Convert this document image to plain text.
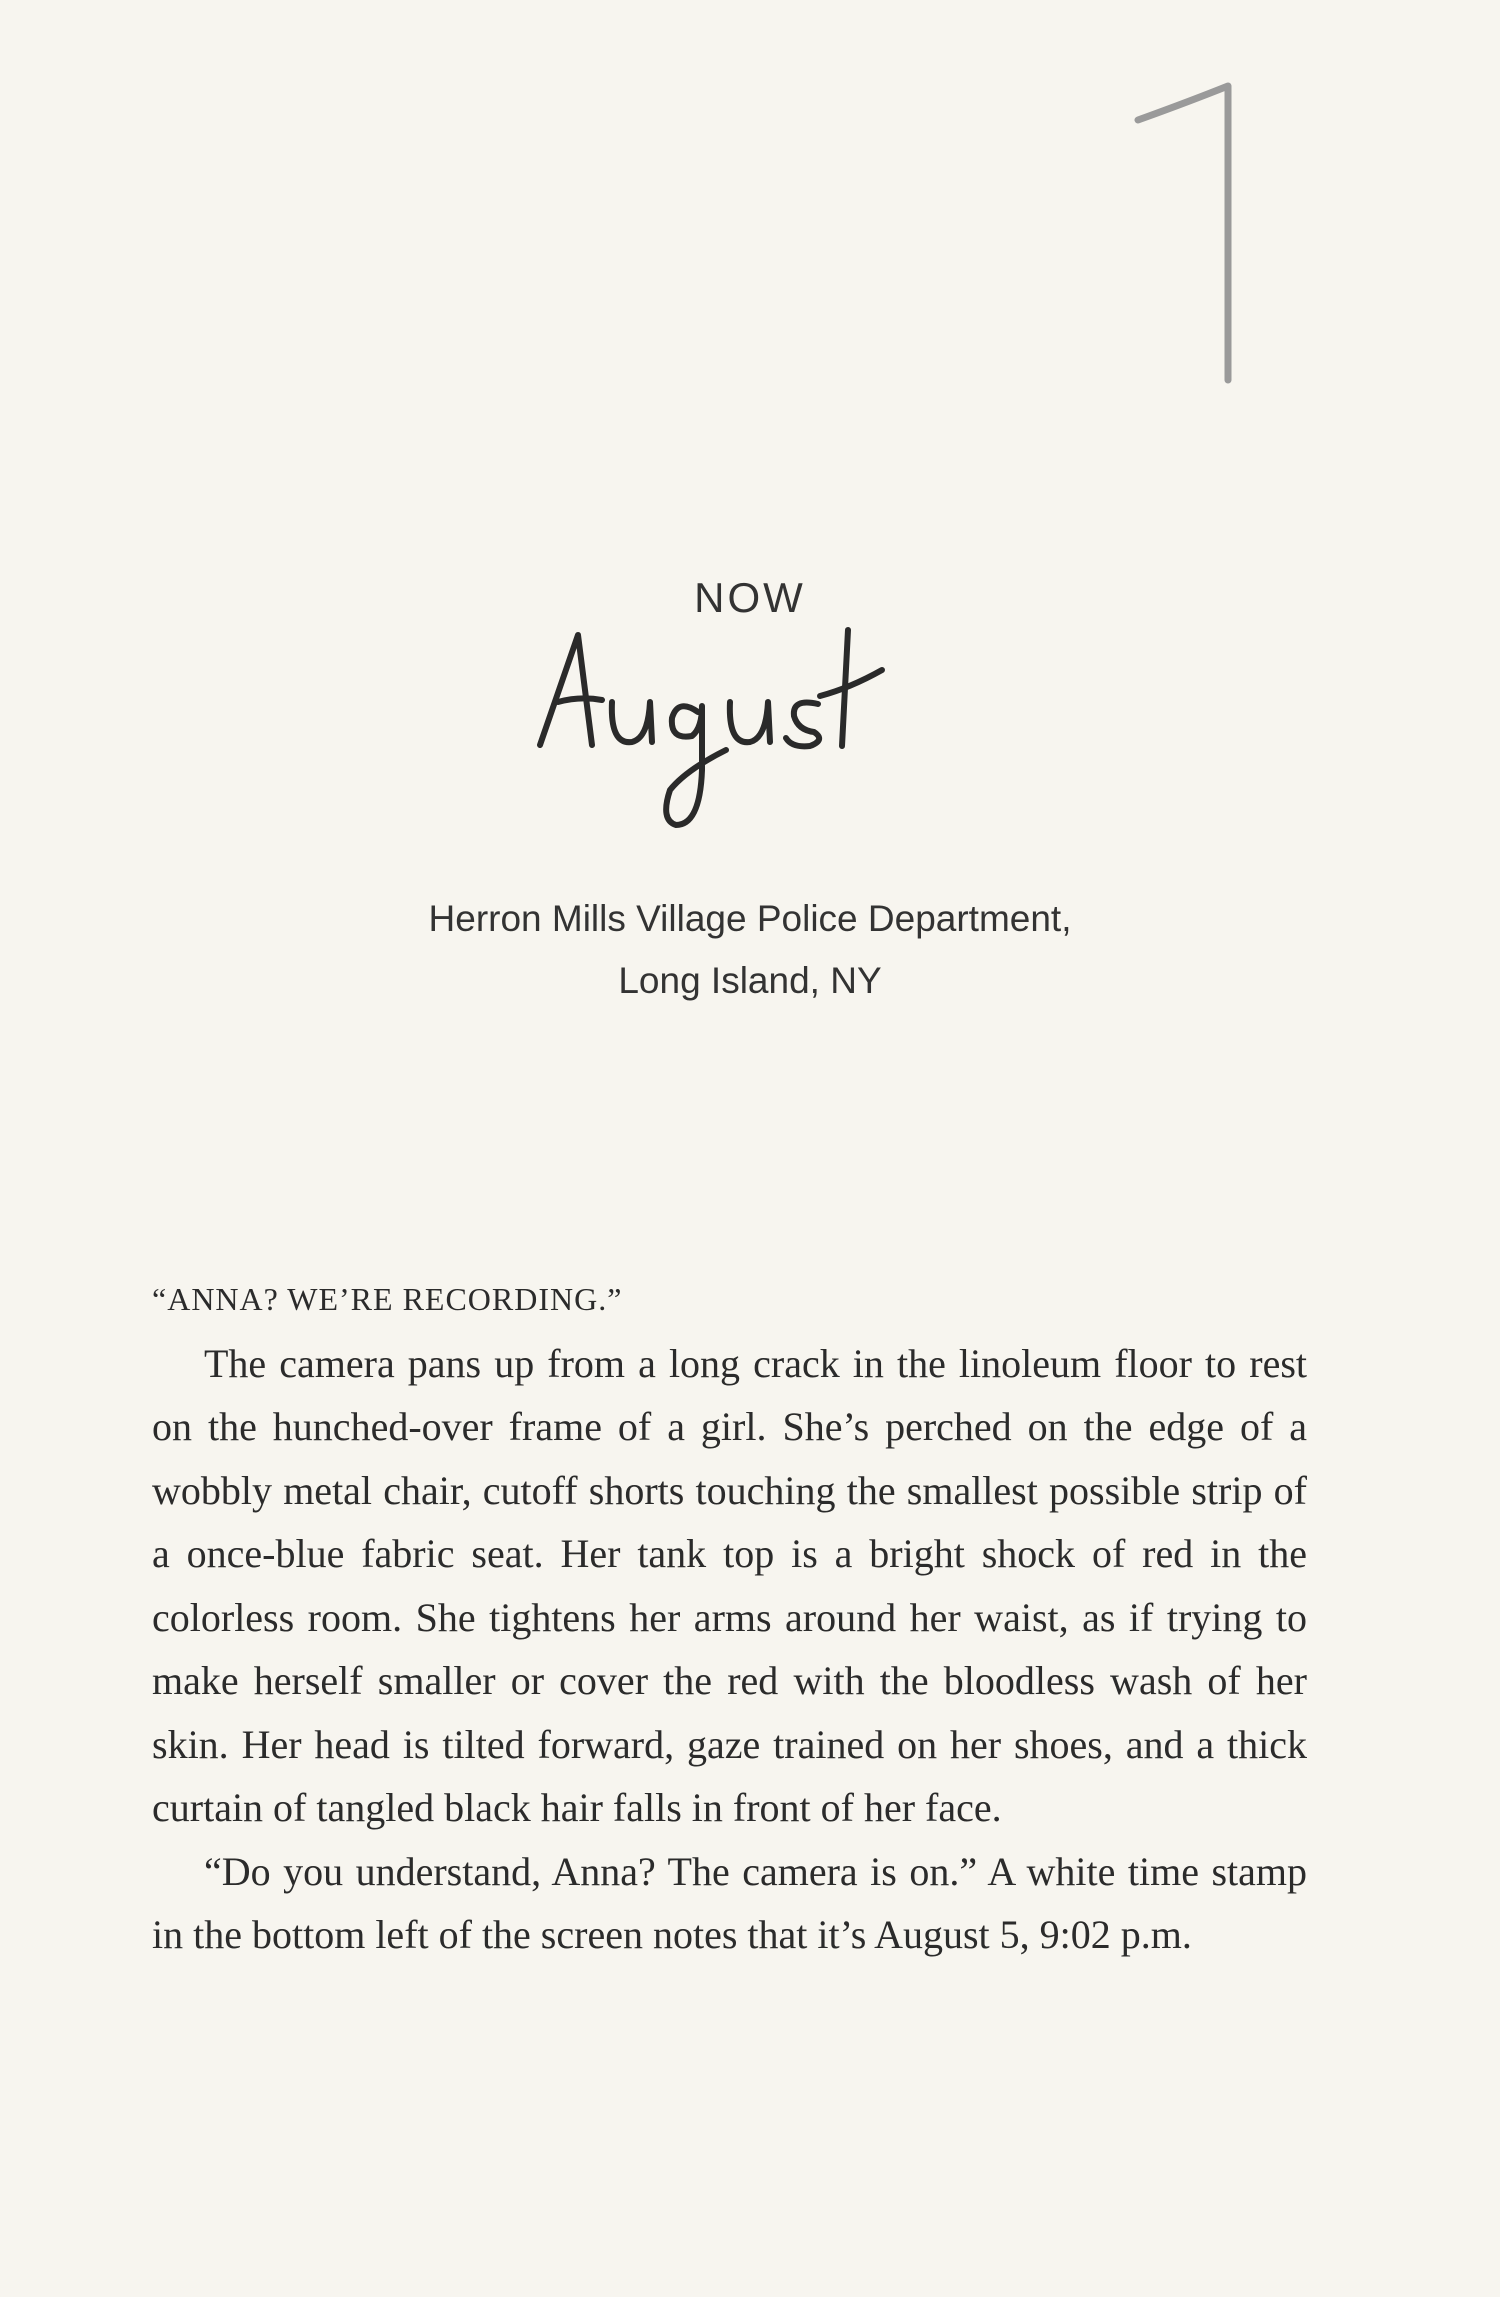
NOW
Herron Mills Village Police Department,
Long Island, NY

“ANNA? WE’RE RECORDING.”

The camera pans up from a long crack in the linoleum floor to rest on the hunched-over frame of a girl. She’s perched on the edge of a wobbly metal chair, cutoff shorts touching the smallest possible strip of a once-blue fabric seat. Her tank top is a bright shock of red in the colorless room. She tightens her arms around her waist, as if trying to make herself smaller or cover the red with the bloodless wash of her skin. Her head is tilted forward, gaze trained on her shoes, and a thick curtain of tangled black hair falls in front of her face.

“Do you understand, Anna? The camera is on.” A white time stamp in the bottom left of the screen notes that it’s August 5, 9:02 p.m.
